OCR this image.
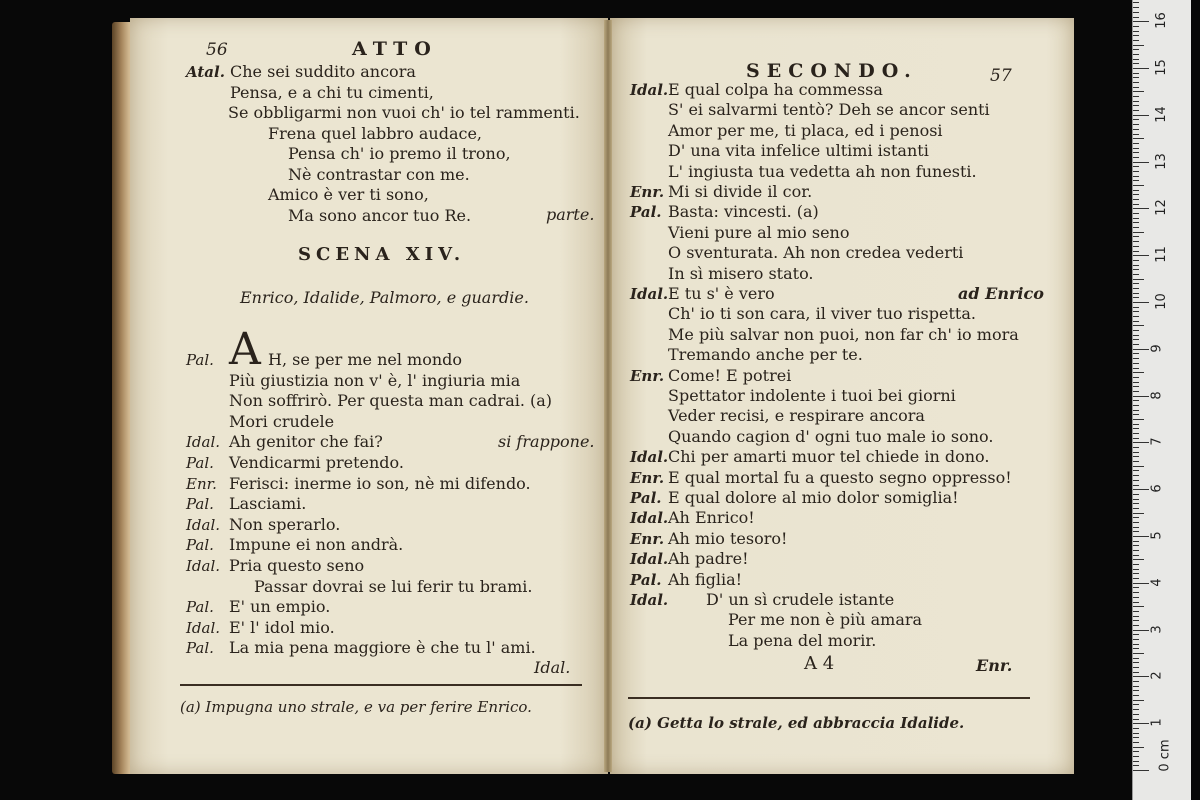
56	ATTO
Atal. Che sei suddito ancora
Pensa, e a chi tu cimenti,
Se obbligarmi non vuoi ch' io tel rammenti.
Frena quel labbro audace,
Pensa ch' io premo il trono,
Nè contrastar con me.
Amico è ver ti sono,
Ma sono ancor tuo Re.	parte.
SCENA XIV.
Enrico, Idalide, Palmoro, e guardie.
Pal. A H, se per me nel mondo
Più giustizia non v' è, l' ingiuria mia
Non soffrirò. Per questa man cadrai. (a)
Mori crudele
Idal. Ah genitor che fai?	si frappone.
Pal. Vendicarmi pretendo.
Enr. Ferisci: inerme io son, nè mi difendo.
Pal. Lasciami.
Idal. Non sperarlo.
Pal. Impune ei non andrà.
Idal. Pria questo seno
Passar dovrai se lui ferir tu brami.
Pal. E' un empio.
Idal. E' l' idol mio.
Pal. La mia pena maggiore è che tu l' ami.
Idal.
(a) Impugna uno strale, e va per ferire Enrico.
SECONDO.	57
Idal. E qual colpa ha commessa
S' ei salvarmi tentò? Deh se ancor senti
Amor per me, ti placa, ed i penosi
D' una vita infelice ultimi istanti
L' ingiusta tua vedetta ah non funesti.
Enr. Mi si divide il cor.
Pal. Basta: vincesti. (a)
Vieni pure al mio seno
O sventurata. Ah non credea vederti
In sì misero stato.
Idal. E tu s' è vero	ad Enrico
Ch' io ti son cara, il viver tuo rispetta.
Me più salvar non puoi, non far ch' io mora
Tremando anche per te.
Enr. Come! E potrei
Spettator indolente i tuoi bei giorni
Veder recisi, e respirare ancora
Quando cagion d' ogni tuo male io sono.
Idal. Chi per amarti muor tel chiede in dono.
Enr. E qual mortal fu a questo segno oppresso!
Pal. E qual dolore al mio dolor somiglia!
Idal. Ah Enrico!
Enr. Ah mio tesoro!
Idal. Ah padre!
Pal. Ah figlia!
Idal. D' un sì crudele istante
Per me non è più amara
La pena del morir.
A 4	Enr.
(a) Getta lo strale, ed abbraccia Idalide.
0 cm
1
2
3
4
5
6
7
8
9
10
11
12
13
14
15
16
